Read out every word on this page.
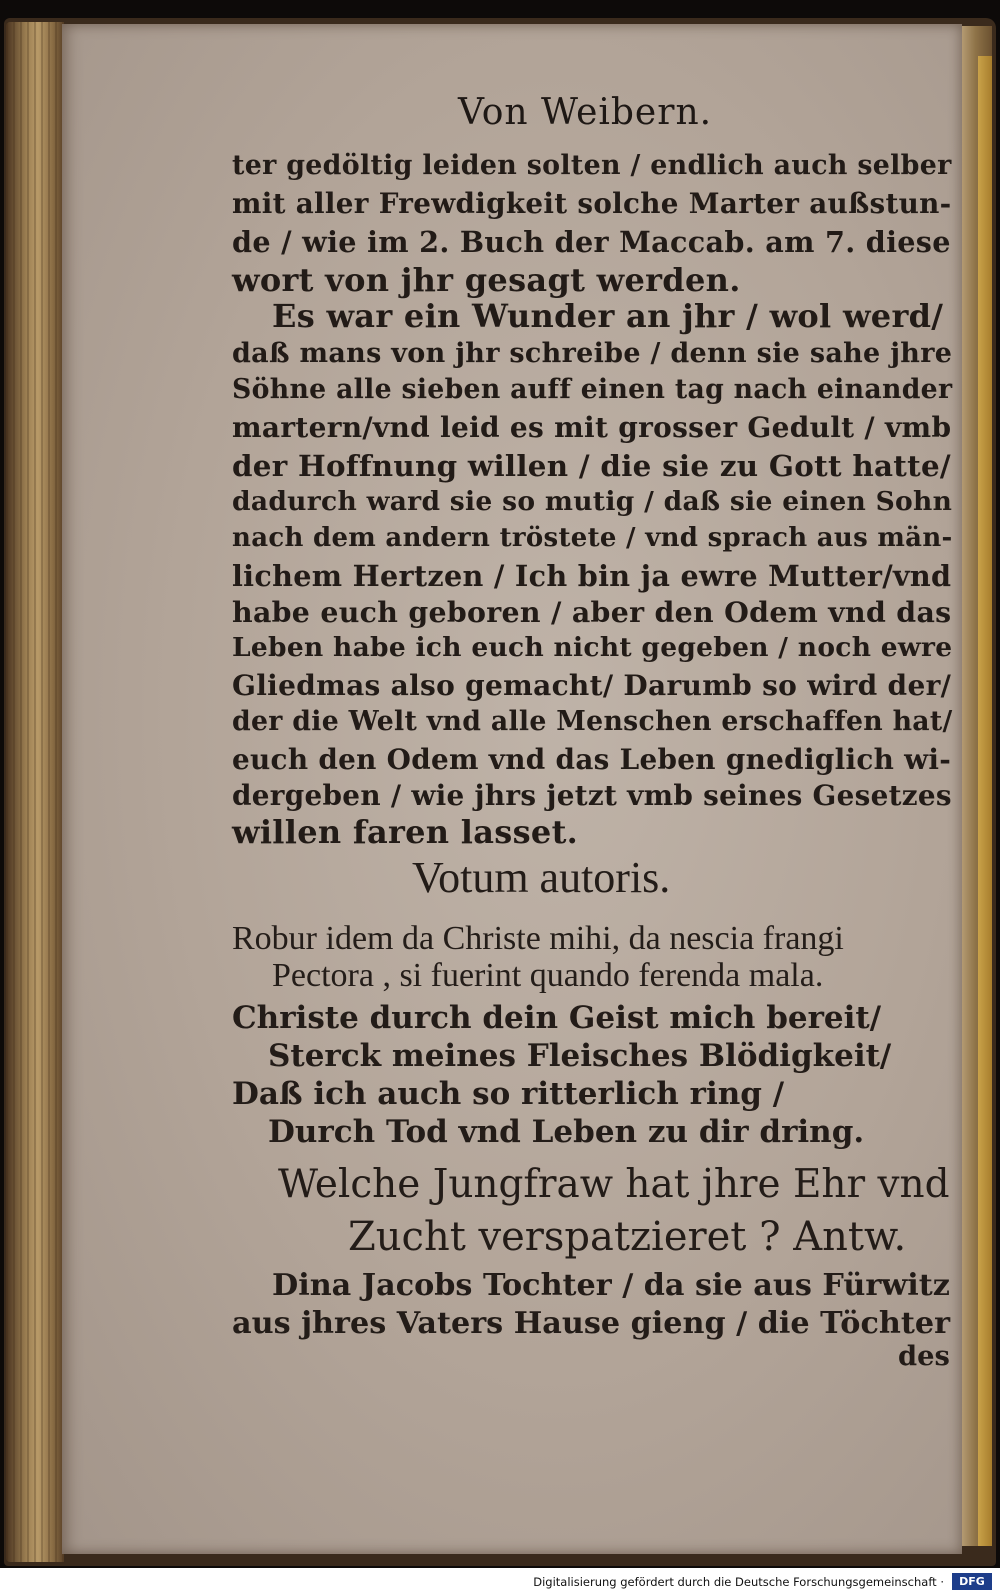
Von Weibern.
ter gedöltig leiden solten / endlich auch selber
mit aller Frewdigkeit solche Marter außstun-
de / wie im 2. Buch der Maccab. am 7. diese
wort von jhr gesagt werden.
Es war ein Wunder an jhr / wol werd/
daß mans von jhr schreibe / denn sie sahe jhre
Söhne alle sieben auff einen tag nach einander
martern/vnd leid es mit grosser Gedult / vmb
der Hoffnung willen / die sie zu Gott hatte/
dadurch ward sie so mutig / daß sie einen Sohn
nach dem andern tröstete / vnd sprach aus män-
lichem Hertzen / Ich bin ja ewre Mutter/vnd
habe euch geboren / aber den Odem vnd das
Leben habe ich euch nicht gegeben / noch ewre
Gliedmas also gemacht/ Darumb so wird der/
der die Welt vnd alle Menschen erschaffen hat/
euch den Odem vnd das Leben gnediglich wi-
dergeben / wie jhrs jetzt vmb seines Gesetzes
willen faren lasset.
Votum autoris.
Robur idem da Christe mihi, da nescia frangi
Pectora , si fuerint quando ferenda mala.
Christe durch dein Geist mich bereit/
Sterck meines Fleisches Blödigkeit/
Daß ich auch so ritterlich ring /
Durch Tod vnd Leben zu dir dring.
Welche Jungfraw hat jhre Ehr vnd
Zucht verspatzieret ? Antw.
Dina Jacobs Tochter / da sie aus Fürwitz
aus jhres Vaters Hause gieng / die Töchter
des
Digitalisierung gefördert durch die Deutsche Forschungsgemeinschaft ·	DFG
